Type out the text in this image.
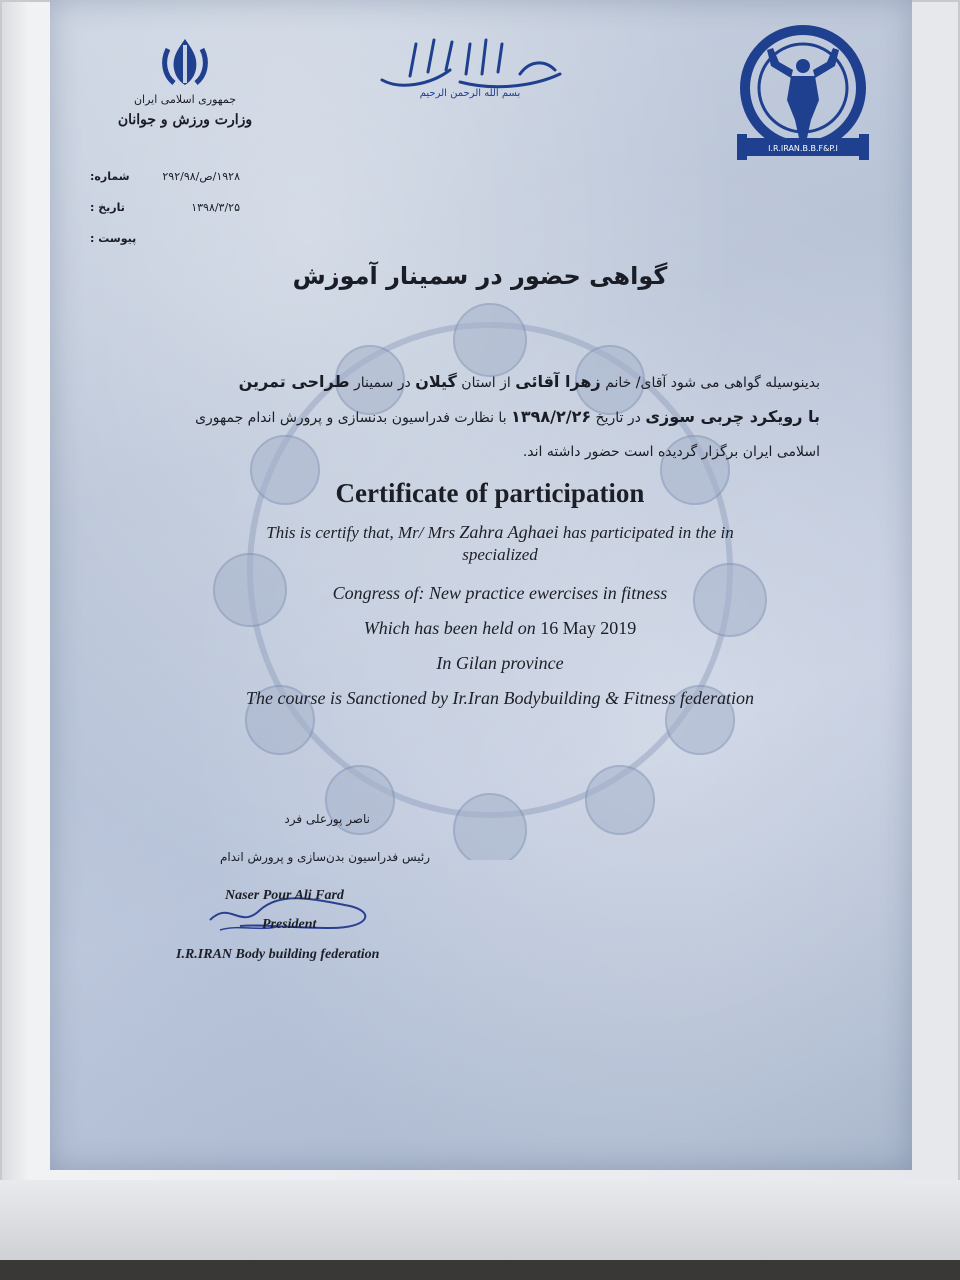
جمهوری اسلامی ایران
وزارت ورزش و جوانان
بسم الله الرحمن الرحیم
I.R.IRAN.B.B.F&P.I
شماره:	۱۹۲۸/ص/۲۹۲/۹۸
تاریخ :	۱۳۹۸/۳/۲۵
پیوست :
گواهی حضور در سمینار آموزش
بدینوسیله گواهی می شود آقای/ خانم زهرا آقائی از استان گیلان در سمینار طراحی تمرین
با رویکرد چربی سوزی در تاریخ ۱۳۹۸/۲/۲۶ با نظارت فدراسیون بدنسازی و پرورش اندام جمهوری
اسلامی ایران برگزار گردیده است حضور داشته اند.
Certificate of participation
This is certify that, Mr/ Mrs Zahra Aghaei has participated in the in
specialized
Congress of: New practice ewercises in fitness
Which has been held on 16 May 2019
In Gilan province
The course is Sanctioned by Ir.Iran Bodybuilding & Fitness federation
ناصر پورعلی فرد
رئیس فدراسیون بدن‌سازی و پرورش اندام
Naser Pour Ali Fard
President
I.R.IRAN Body building federation
